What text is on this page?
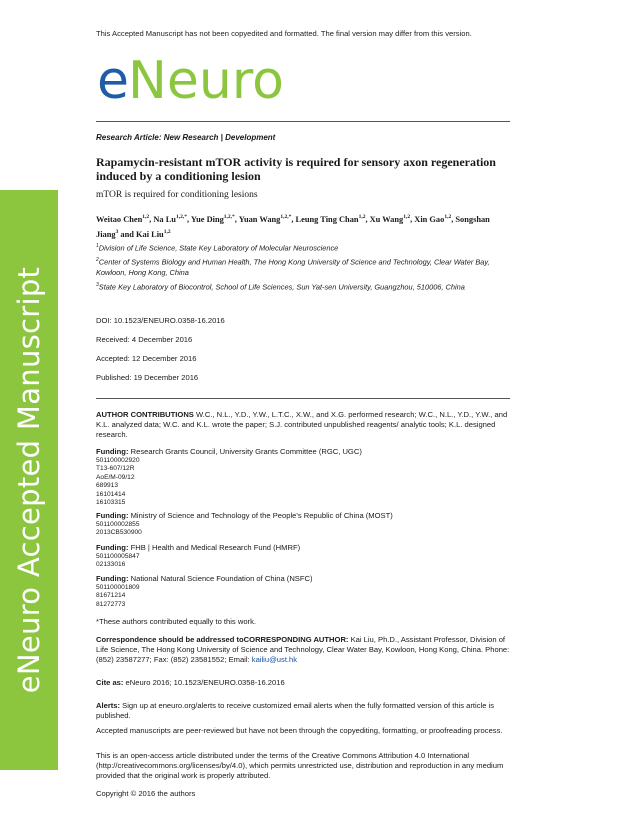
eNeuro Accepted Manuscript
This Accepted Manuscript has not been copyedited and formatted. The final version may differ from this version.
e Neuro
Research Article: New Research | Development
Rapamycin-resistant mTOR activity is required for sensory axon regeneration induced by a conditioning lesion
mTOR is required for conditioning lesions
Weitao Chen$^{1,2}$, Na $Lu^{1,2,*}$, Yue Ding$^{1,2,*}$, Yuan Wang$^{1,2,*}$, Leung Ting Chan$^{1,2}$, Xu Wang$^{1,2}$, Xin Gao$^{1,2}$, Songshan Jiang$^3$ and Kai Liu$^{1,2}$

$^1$Division of Life Science, State Key Laboratory of Molecular Neuroscience

$^2$Center of Systems Biology and Human Health, The Hong Kong University of Science and Technology, Clear Water Bay, Kowloon, Hong Kong, China

$^3$State Key Laboratory of Biocontrol, School of Life Sciences, Sun Yat-sen University, Guangzhou, 510006, China

DOI: 10.1523/ENEURO.0358-16.2016
Received: 4 December 2016
Accepted: 12 December 2016
Published: 19 December 2016
AUTHOR CONTRIBUTIONS W.C., N.L., Y.D., Y.W., L.T.C., X.W., and X.G. performed research; W.C., N.L., Y.D., Y.W., and K.L. analyzed data; W.C. and K.L. wrote the paper; S.J. contributed unpublished reagents/ analytic tools; K.L. designed research.
Funding: Research Grants Council, University Grants Committee (RGC, UGC)
501100002920
T13-607/12R
AoE/M-09/12
689913
16101414
16103315
Funding: Ministry of Science and Technology of the People's Republic of China (MOST)
501100002855
2013CB530900
Funding: FHB | Health and Medical Research Fund (HMRF)
501100005847
02133016
Funding: National Natural Science Foundation of China (NSFC)
501100001809
81671214
81272773
*These authors contributed equally to this work.
Correspondence should be addressed toCORRESPONDING AUTHOR: Kai Liu, Ph.D., Assistant Professor, Division of Life Science, The Hong Kong University of Science and Technology, Clear Water Bay, Kowloon, Hong Kong, China. Phone: (852) 23587277; Fax: (852) 23581552; Email: kailiu@ust.hk
Cite as: eNeuro 2016; 10.1523/ENEURO.0358-16.2016
Alerts: Sign up at eneuro.org/alerts to receive customized email alerts when the fully formatted version of this article is published.
Accepted manuscripts are peer-reviewed but have not been through the copyediting, formatting, or proofreading process.
This is an open-access article distributed under the terms of the Creative Commons Attribution 4.0 International (http://creativecommons.org/licenses/by/4.0), which permits unrestricted use, distribution and reproduction in any medium provided that the original work is properly attributed.
Copyright © 2016 the authors
